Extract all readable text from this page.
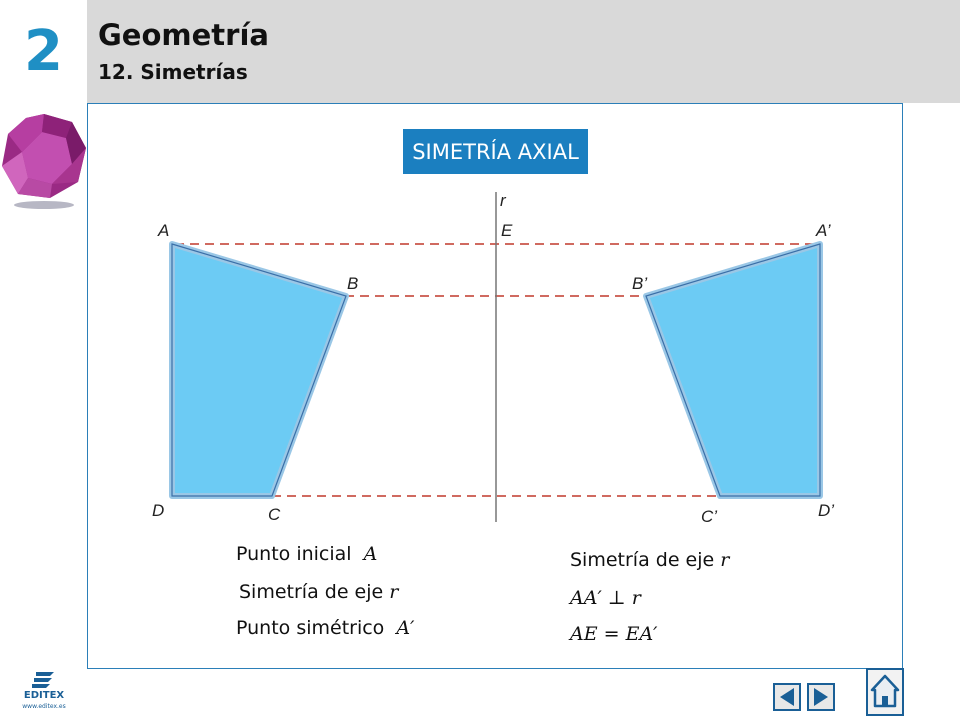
2	Geometría
12. Simetrías
SIMETRÍA AXIAL
r
E
A
B
C
D
A’
B’
C’	D’
Punto inicial A
Simetría de eje r
Punto simétrico A′
Simetría de eje r
AA′ ⊥ r
AE = EA′
EDITEX
www.editex.es
